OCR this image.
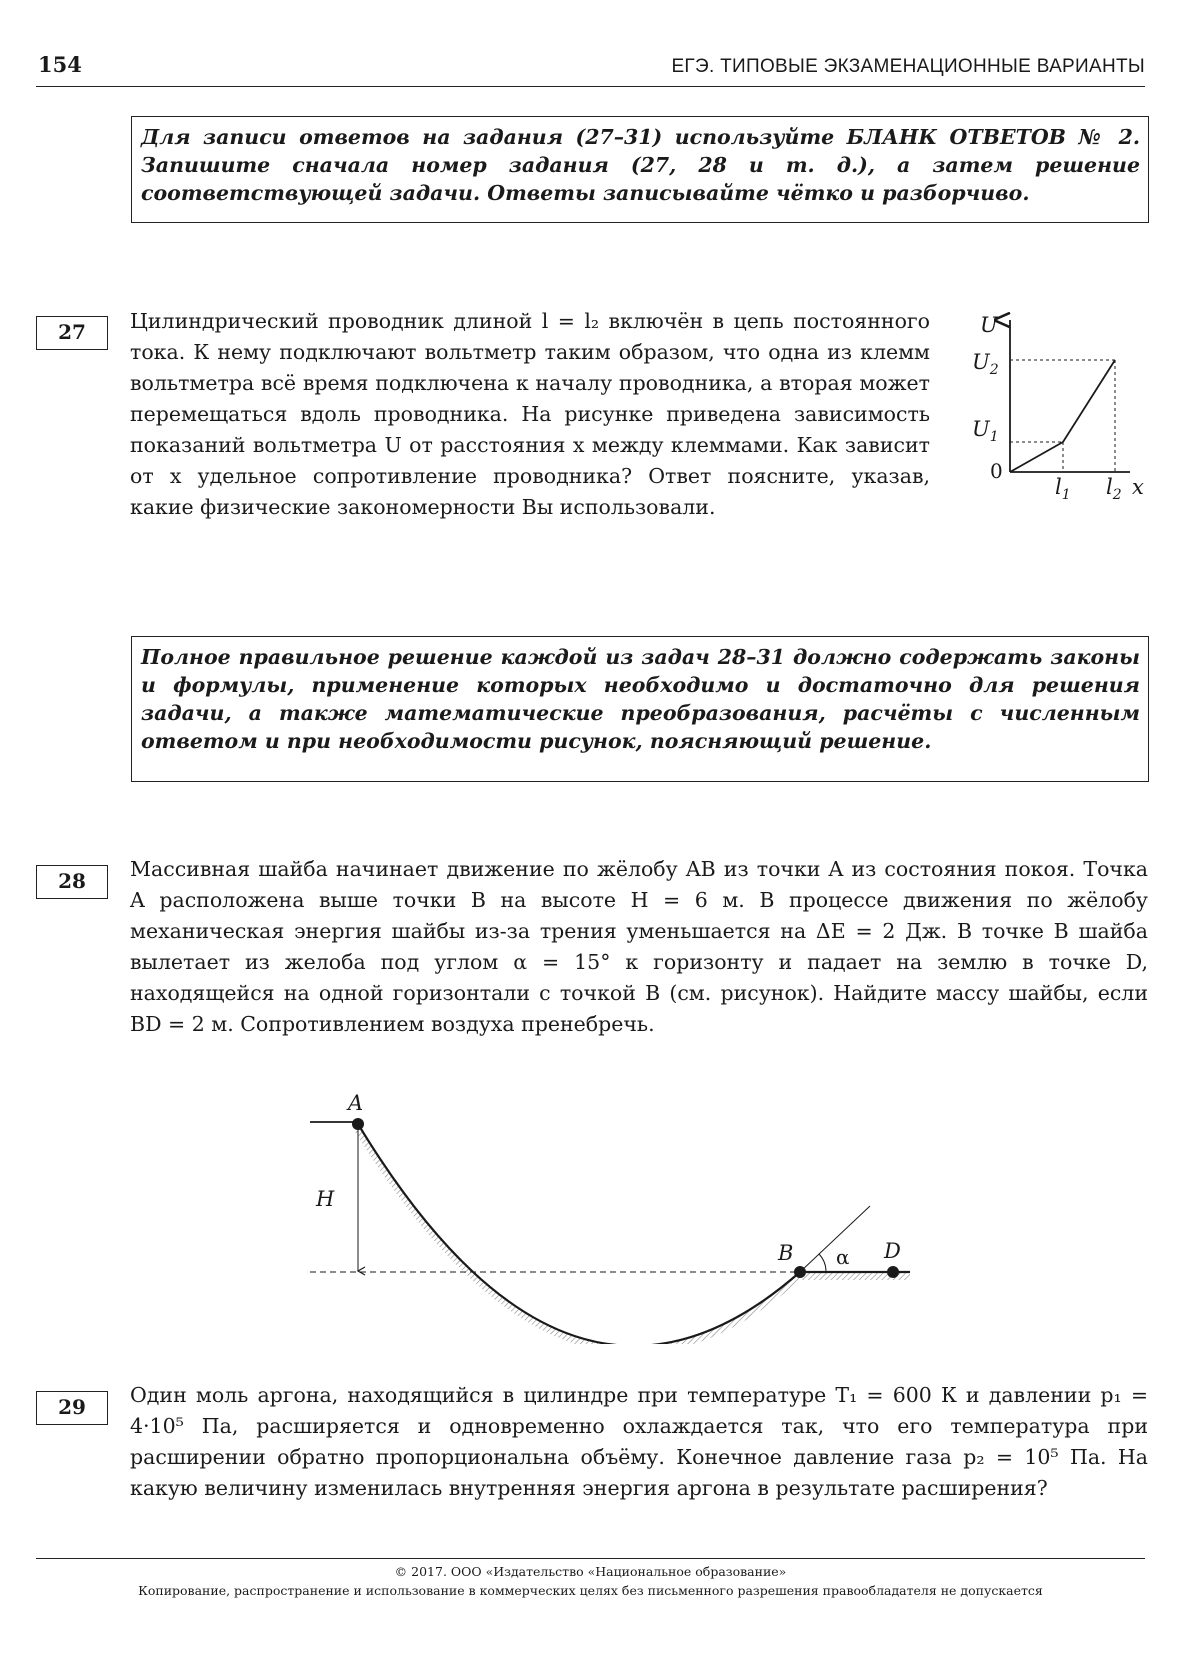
154	ЕГЭ. ТИПОВЫЕ ЭКЗАМЕНАЦИОННЫЕ ВАРИАНТЫ
Для записи ответов на задания (27–31) используйте БЛАНК ОТВЕТОВ № 2. Запишите сначала номер задания (27, 28 и т. д.), а затем решение соответствующей задачи. Ответы записывайте чётко и разборчиво.
27	Цилиндрический проводник длиной l = l₂ включён в цепь постоянного тока. К нему подключают вольтметр таким образом, что одна из клемм вольтметра всё время подключена к началу проводника, а вторая может перемещаться вдоль проводника. На рисунке приведена зависимость показаний вольтметра U от расстояния x между клеммами. Как зависит от x удельное сопротивление проводника? Ответ поясните, указав, какие физические закономерности Вы использовали.
U
U2
U1
0
l1 l2 x
Полное правильное решение каждой из задач 28–31 должно содержать законы и формулы, применение которых необходимо и достаточно для решения задачи, а также математические преобразования, расчёты с численным ответом и при необходимости рисунок, поясняющий решение.
28	Массивная шайба начинает движение по жёлобу AB из точки A из состояния покоя. Точка A расположена выше точки B на высоте H = 6 м. В процессе движения по жёлобу механическая энергия шайбы из-за трения уменьшается на ΔE = 2 Дж. В точке B шайба вылетает из желоба под углом α = 15° к горизонту и падает на землю в точке D, находящейся на одной горизонтали с точкой B (см. рисунок). Найдите массу шайбы, если BD = 2 м. Сопротивлением воздуха пренебречь.
A
H
B	D
α
29	Один моль аргона, находящийся в цилиндре при температуре T₁ = 600 К и давлении p₁ = 4·10⁵ Па, расширяется и одновременно охлаждается так, что его температура при расширении обратно пропорциональна объёму. Конечное давление газа p₂ = 10⁵ Па. На какую величину изменилась внутренняя энергия аргона в результате расширения?
© 2017. ООО «Издательство «Национальное образование»
Копирование, распространение и использование в коммерческих целях без письменного разрешения правообладателя не допускается
